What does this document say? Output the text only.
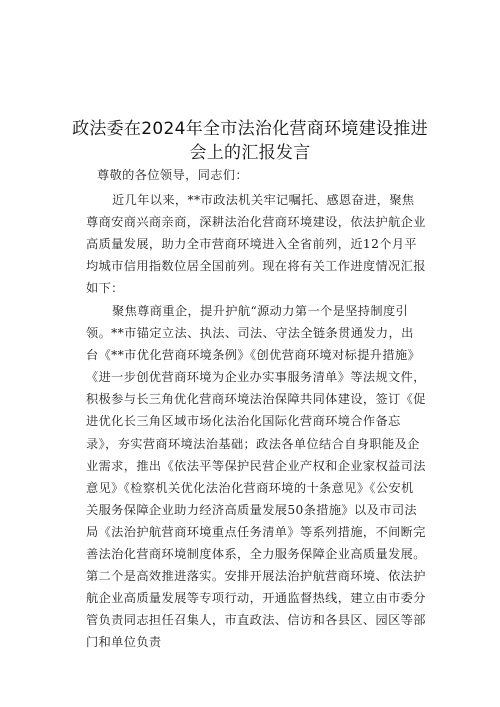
政法委在2024年全市法治化营商环境建设推进
会上的汇报发言
尊敬的各位领导，同志们：

近几年以来，**市政法机关牢记嘱托、感恩奋进，聚焦尊商安商兴商亲商，深耕法治化营商环境建设，依法护航企业高质量发展，助力全市营商环境进入全省前列，近12个月平均城市信用指数位居全国前列。现在将有关工作进度情况汇报如下：

聚焦尊商重企，提升护航“源动力第一个是坚持制度引领。**市锚定立法、执法、司法、守法全链条贯通发力，出台《**市优化营商环境条例》《创优营商环境对标提升措施》《进一步创优营商环境为企业办实事服务清单》等法规文件，积极参与长三角优化营商环境法治保障共同体建设，签订《促进优化长三角区域市场化法治化国际化营商环境合作备忘录》，夯实营商环境法治基础；政法各单位结合自身职能及企业需求，推出《依法平等保护民营企业产权和企业家权益司法意见》《检察机关优化法治化营商环境的十条意见》《公安机关服务保障企业助力经济高质量发展50条措施》以及市司法局《法治护航营商环境重点任务清单》等系列措施，不间断完善法治化营商环境制度体系，全力服务保障企业高质量发展。第二个是高效推进落实。安排开展法治护航营商环境、依法护航企业高质量发展等专项行动，开通监督热线，建立由市委分管负责同志担任召集人，市直政法、信访和各县区、园区等部门和单位负责
